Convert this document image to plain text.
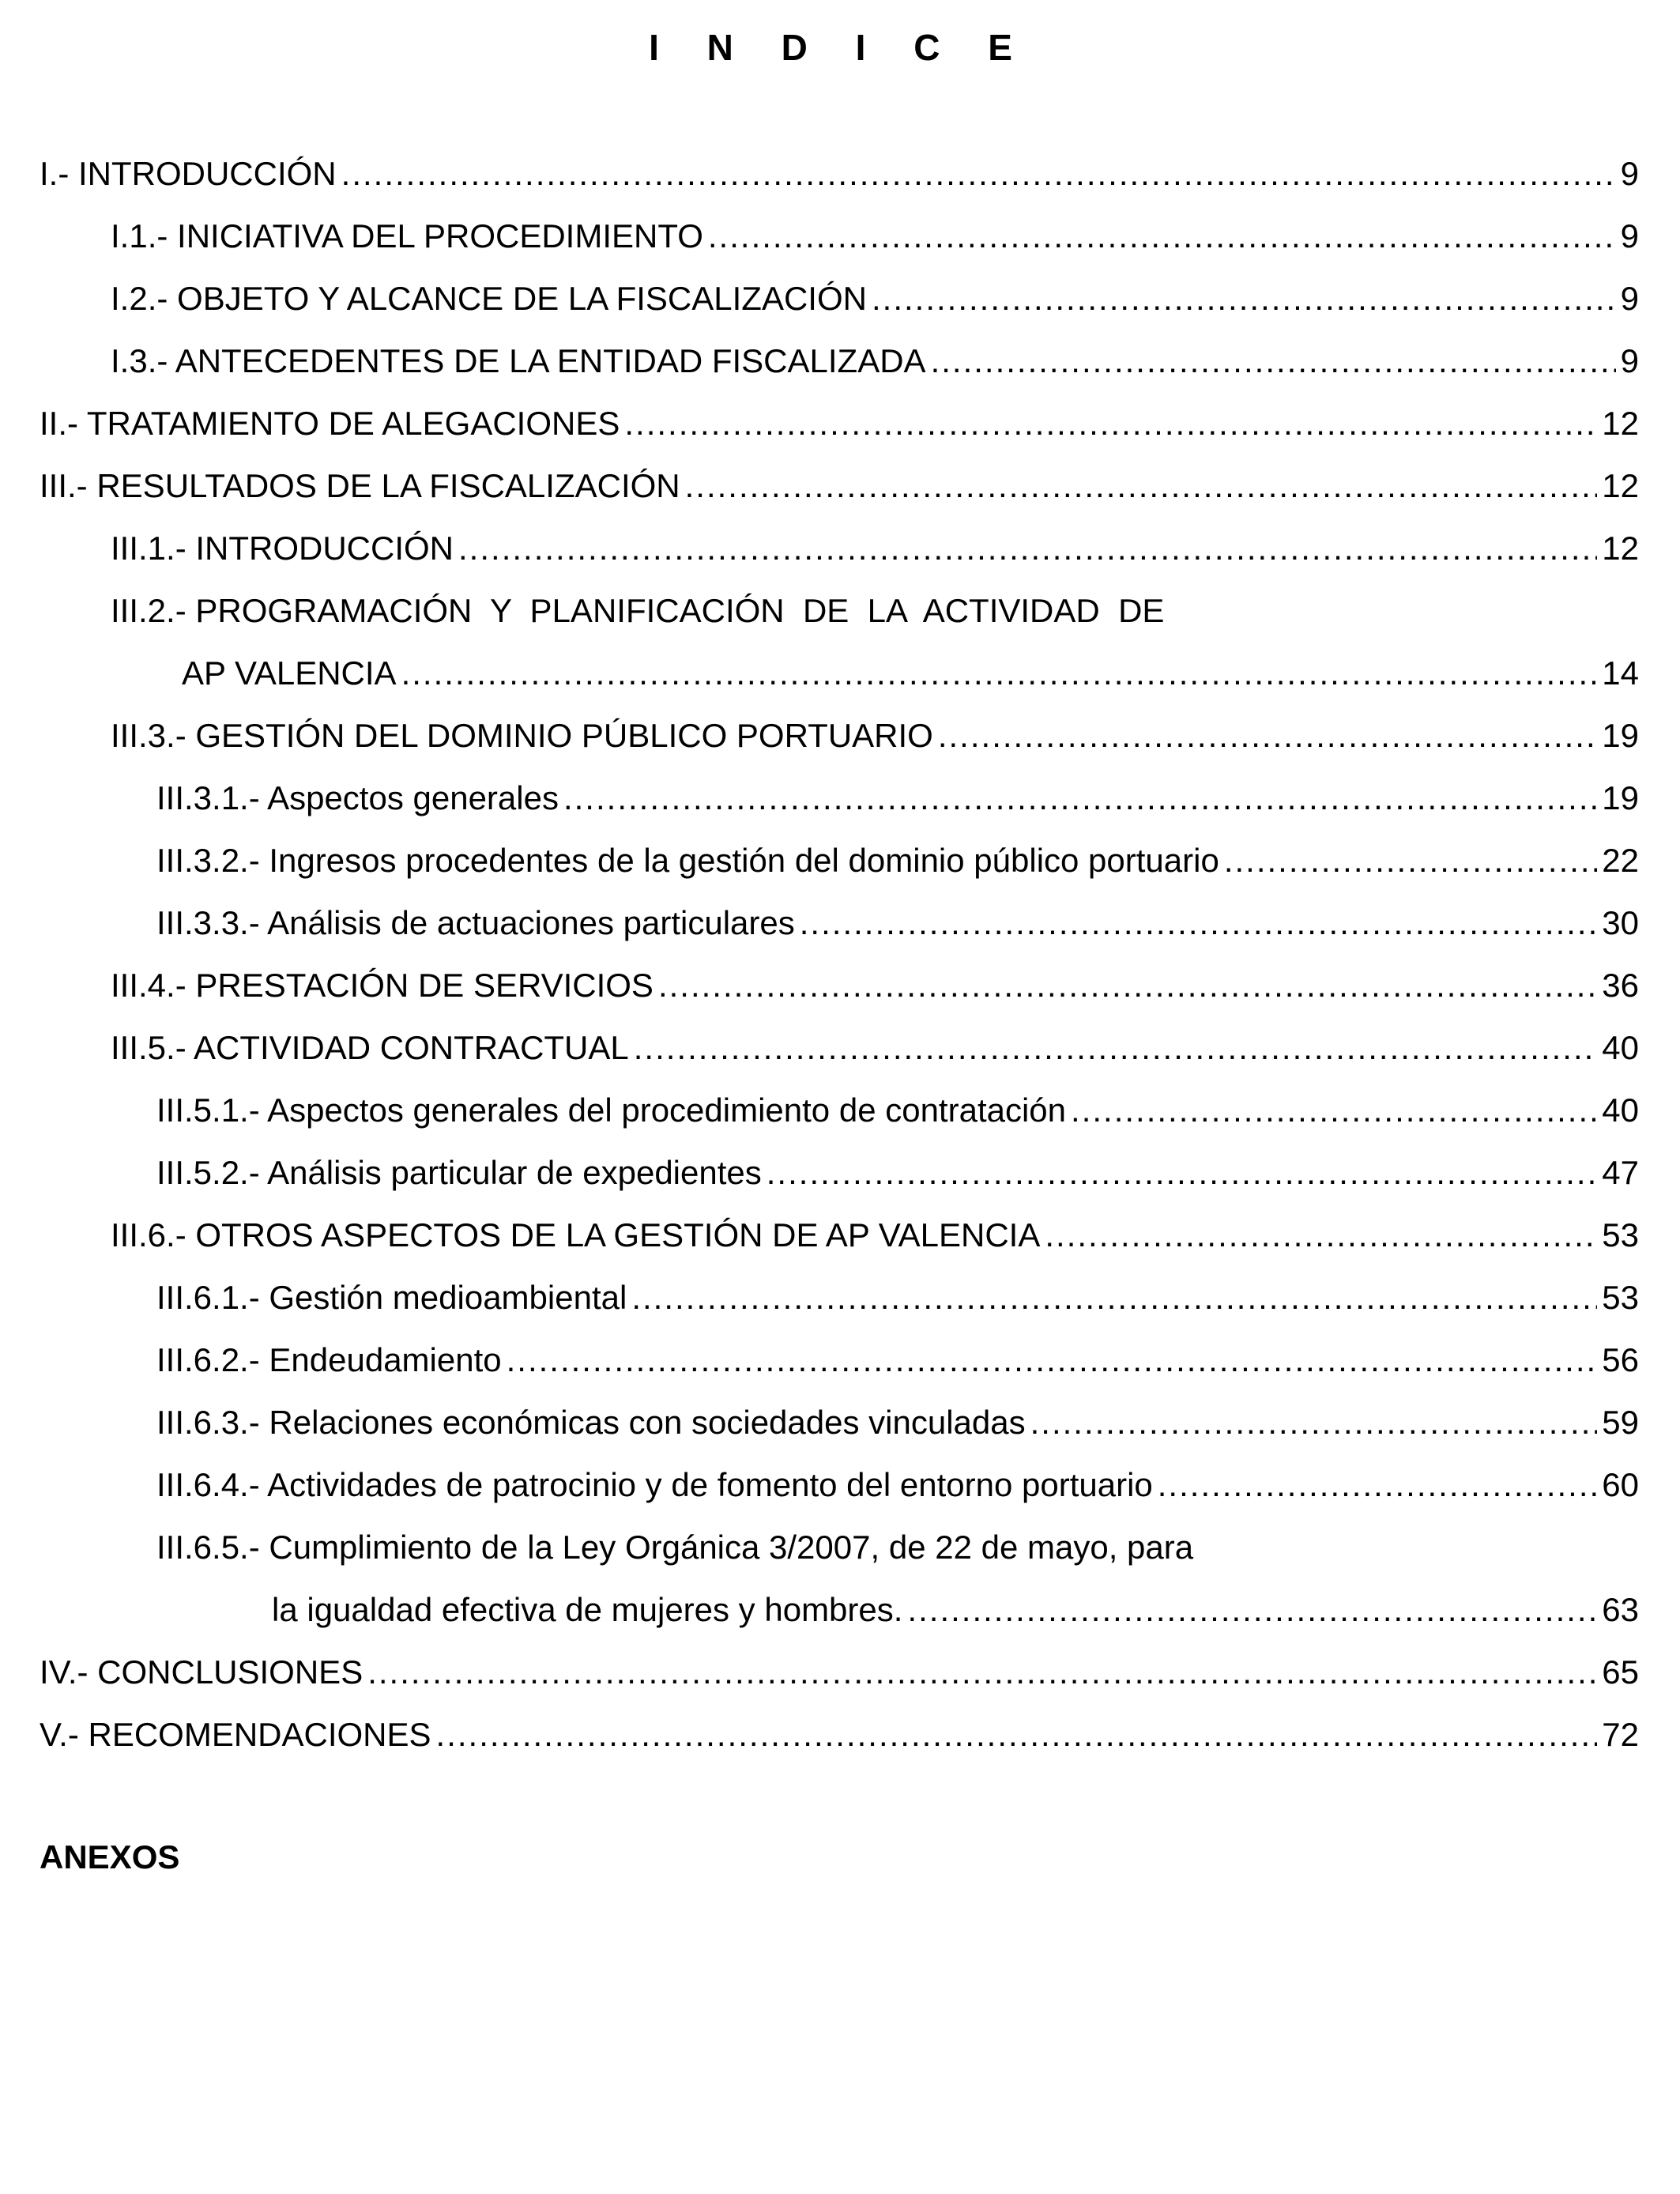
I N D I C E
I.- INTRODUCCIÓN .....	9
I.1.- INICIATIVA DEL PROCEDIMIENTO .....	9
I.2.- OBJETO Y ALCANCE DE LA FISCALIZACIÓN .....	9
I.3.- ANTECEDENTES DE LA ENTIDAD FISCALIZADA .....	9
II.- TRATAMIENTO DE ALEGACIONES .....	12
III.- RESULTADOS DE LA FISCALIZACIÓN .....	12
III.1.- INTRODUCCIÓN .....	12
III.2.- PROGRAMACIÓN  Y  PLANIFICACIÓN  DE  LA  ACTIVIDAD  DE
AP VALENCIA .....	14
III.3.- GESTIÓN DEL DOMINIO PÚBLICO PORTUARIO .....	19
III.3.1.- Aspectos generales .....	19
III.3.2.- Ingresos procedentes de la gestión del dominio público portuario .....	22
III.3.3.- Análisis de actuaciones particulares .....	30
III.4.- PRESTACIÓN DE SERVICIOS .....	36
III.5.- ACTIVIDAD CONTRACTUAL .....	40
III.5.1.- Aspectos generales del procedimiento de contratación .....	40
III.5.2.- Análisis particular de expedientes .....	47
III.6.- OTROS ASPECTOS DE LA GESTIÓN DE AP VALENCIA .....	53
III.6.1.- Gestión medioambiental .....	53
III.6.2.- Endeudamiento .....	56
III.6.3.- Relaciones económicas con sociedades vinculadas .....	59
III.6.4.- Actividades de patrocinio y de fomento del entorno portuario .....	60
III.6.5.- Cumplimiento de la Ley Orgánica 3/2007, de 22 de mayo, para
la igualdad efectiva de mujeres y hombres. .....	63
IV.- CONCLUSIONES .....	65
V.- RECOMENDACIONES .....	72
ANEXOS
